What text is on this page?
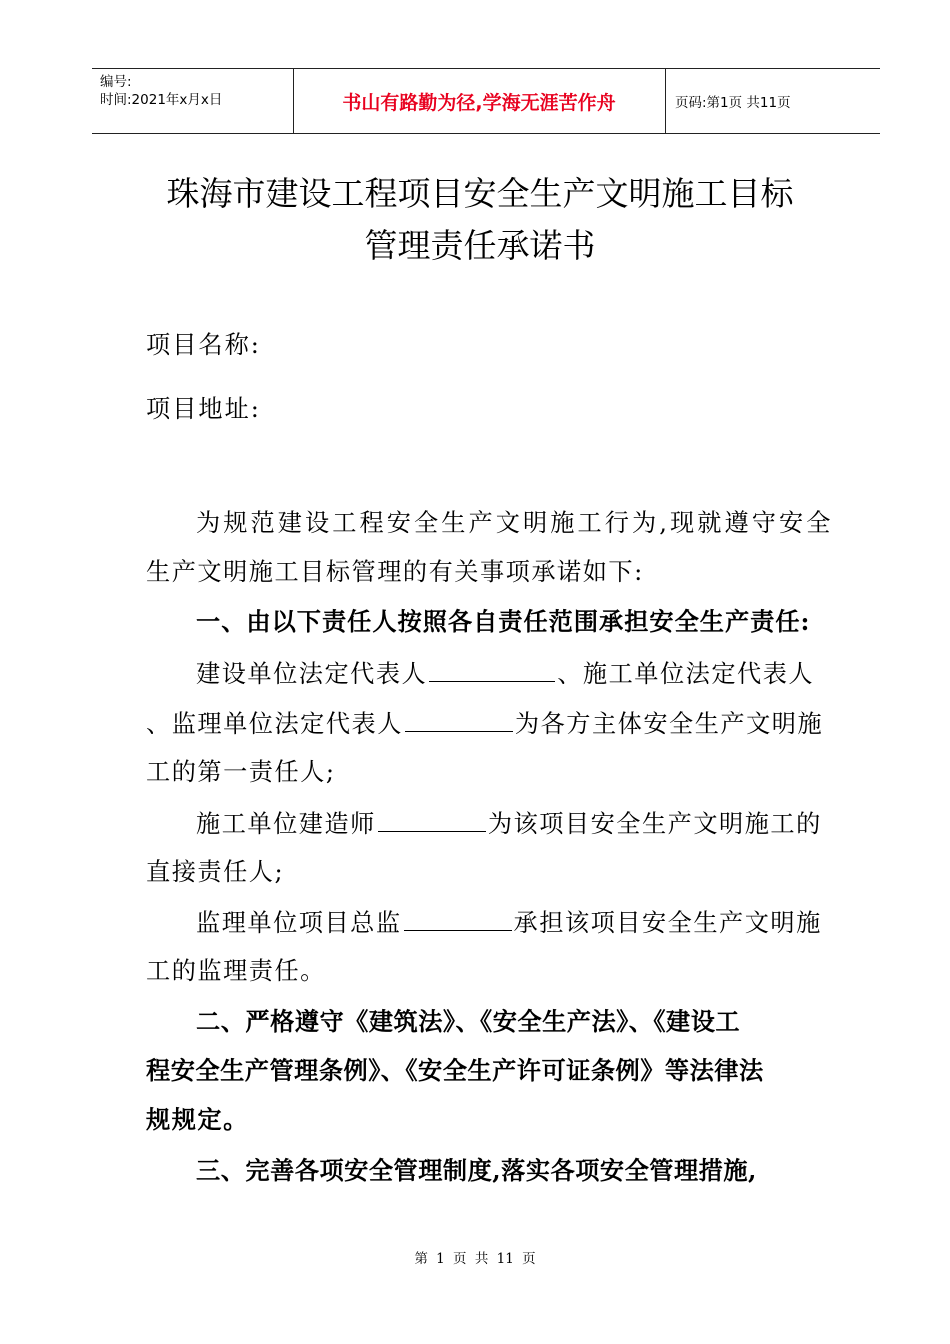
编号:
时间:2021年x月x日	书山有路勤为径,学海无涯苦作舟	页码:第1页 共11页
珠海市建设工程项目安全生产文明施工目标
管理责任承诺书
项目名称:
项目地址:
为规范建设工程安全生产文明施工行为,现就遵守安全
生产文明施工目标管理的有关事项承诺如下:
一、由以下责任人按照各自责任范围承担安全生产责任:
建设单位法定代表人	、施工单位法定代表人
、监理单位法定代表人	为各方主体安全生产文明施
工的第一责任人;
施工单位建造师	为该项目安全生产文明施工的
直接责任人;
监理单位项目总监	承担该项目安全生产文明施
工的监理责任。
二、严格遵守《建筑法》、《安全生产法》、《建设工
程安全生产管理条例》、《安全生产许可证条例》等法律法
规规定。
三、完善各项安全管理制度,落实各项安全管理措施,
第 1 页 共 11 页
